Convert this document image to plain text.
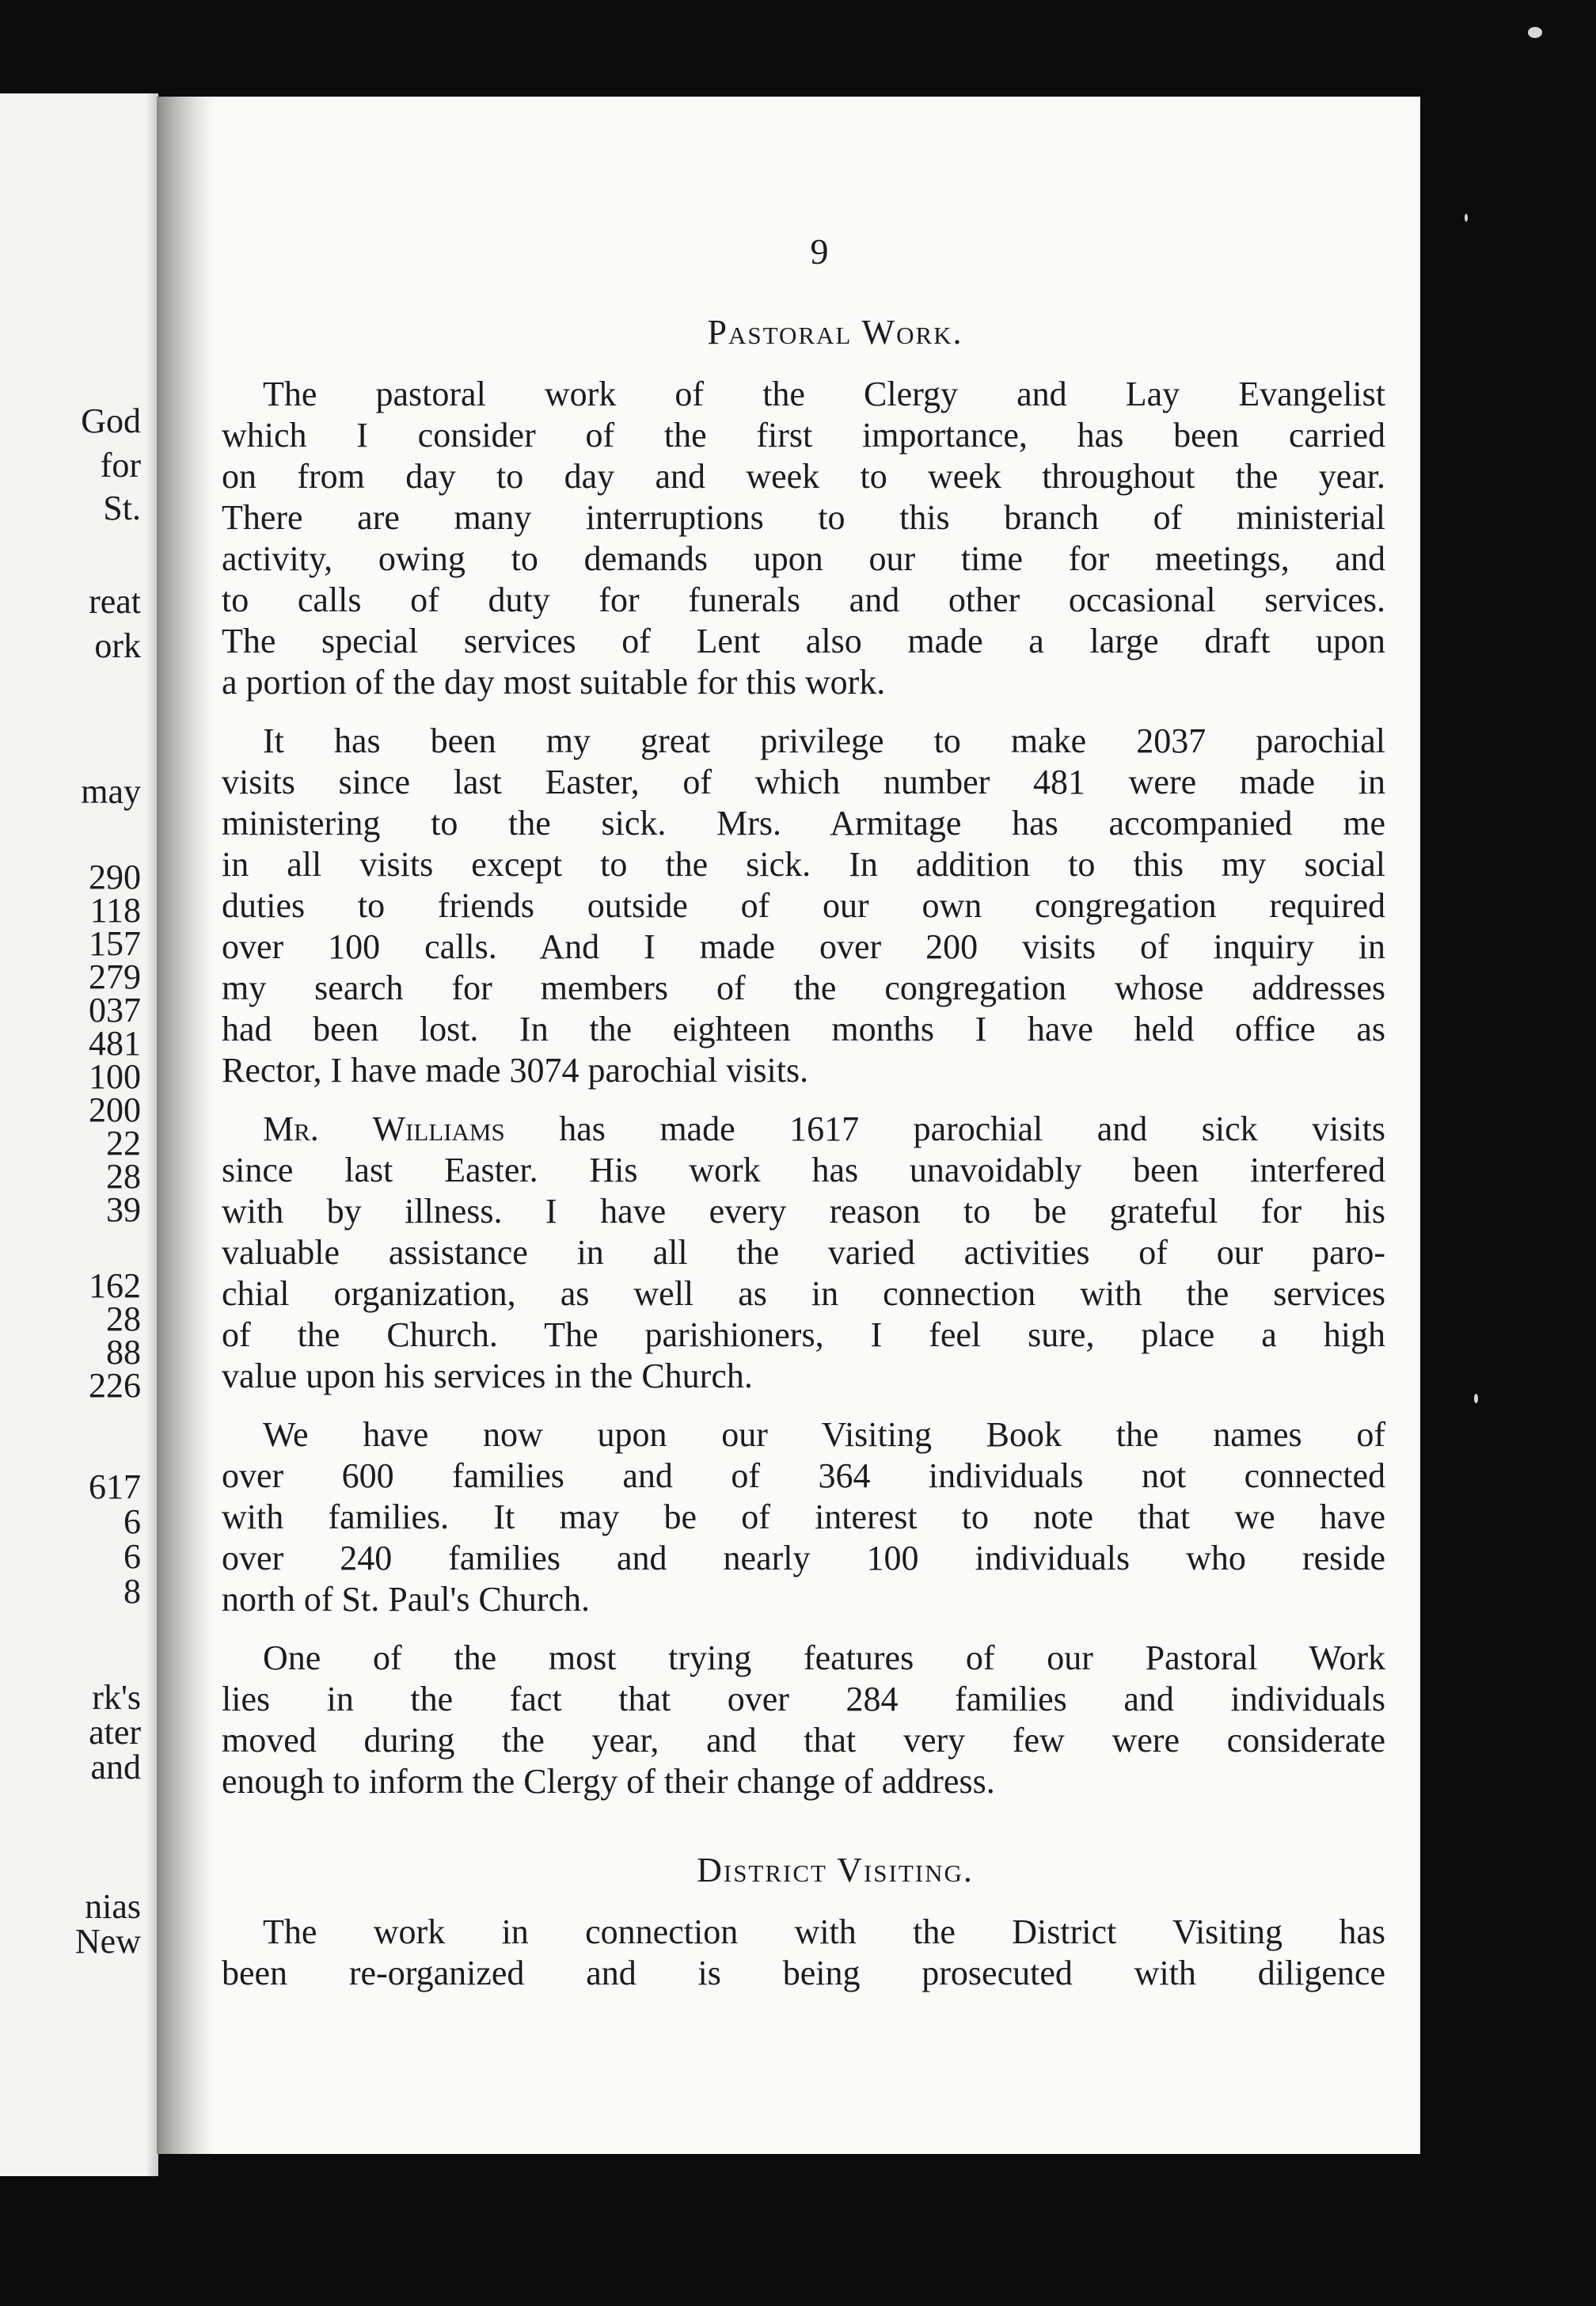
God
for
St.
reat
ork
may
290
118
157
279
037
481
100
200
22
28
39
162
28
88
226
617
6
6
8
rk's
ater
and
nias
New
9
Pastoral Work.
The pastoral work of the Clergy and Lay Evangelist
which I consider of the first importance, has been carried
on from day to day and week to week throughout the year.
There are many interruptions to this branch of ministerial
activity, owing to demands upon our time for meetings, and
to calls of duty for funerals and other occasional services.
The special services of Lent also made a large draft upon
a portion of the day most suitable for this work.
It has been my great privilege to make 2037 parochial
visits since last Easter, of which number 481 were made in
ministering to the sick. Mrs. Armitage has accompanied me
in all visits except to the sick. In addition to this my social
duties to friends outside of our own congregation required
over 100 calls. And I made over 200 visits of inquiry in
my search for members of the congregation whose addresses
had been lost. In the eighteen months I have held office as
Rector, I have made 3074 parochial visits.
Mr. Williams has made 1617 parochial and sick visits
since last Easter. His work has unavoidably been interfered
with by illness. I have every reason to be grateful for his
valuable assistance in all the varied activities of our paro-
chial organization, as well as in connection with the services
of the Church. The parishioners, I feel sure, place a high
value upon his services in the Church.
We have now upon our Visiting Book the names of
over 600 families and of 364 individuals not connected
with families. It may be of interest to note that we have
over 240 families and nearly 100 individuals who reside
north of St. Paul's Church.
One of the most trying features of our Pastoral Work
lies in the fact that over 284 families and individuals
moved during the year, and that very few were considerate
enough to inform the Clergy of their change of address.
District Visiting.
The work in connection with the District Visiting has
been re-organized and is being prosecuted with diligence
